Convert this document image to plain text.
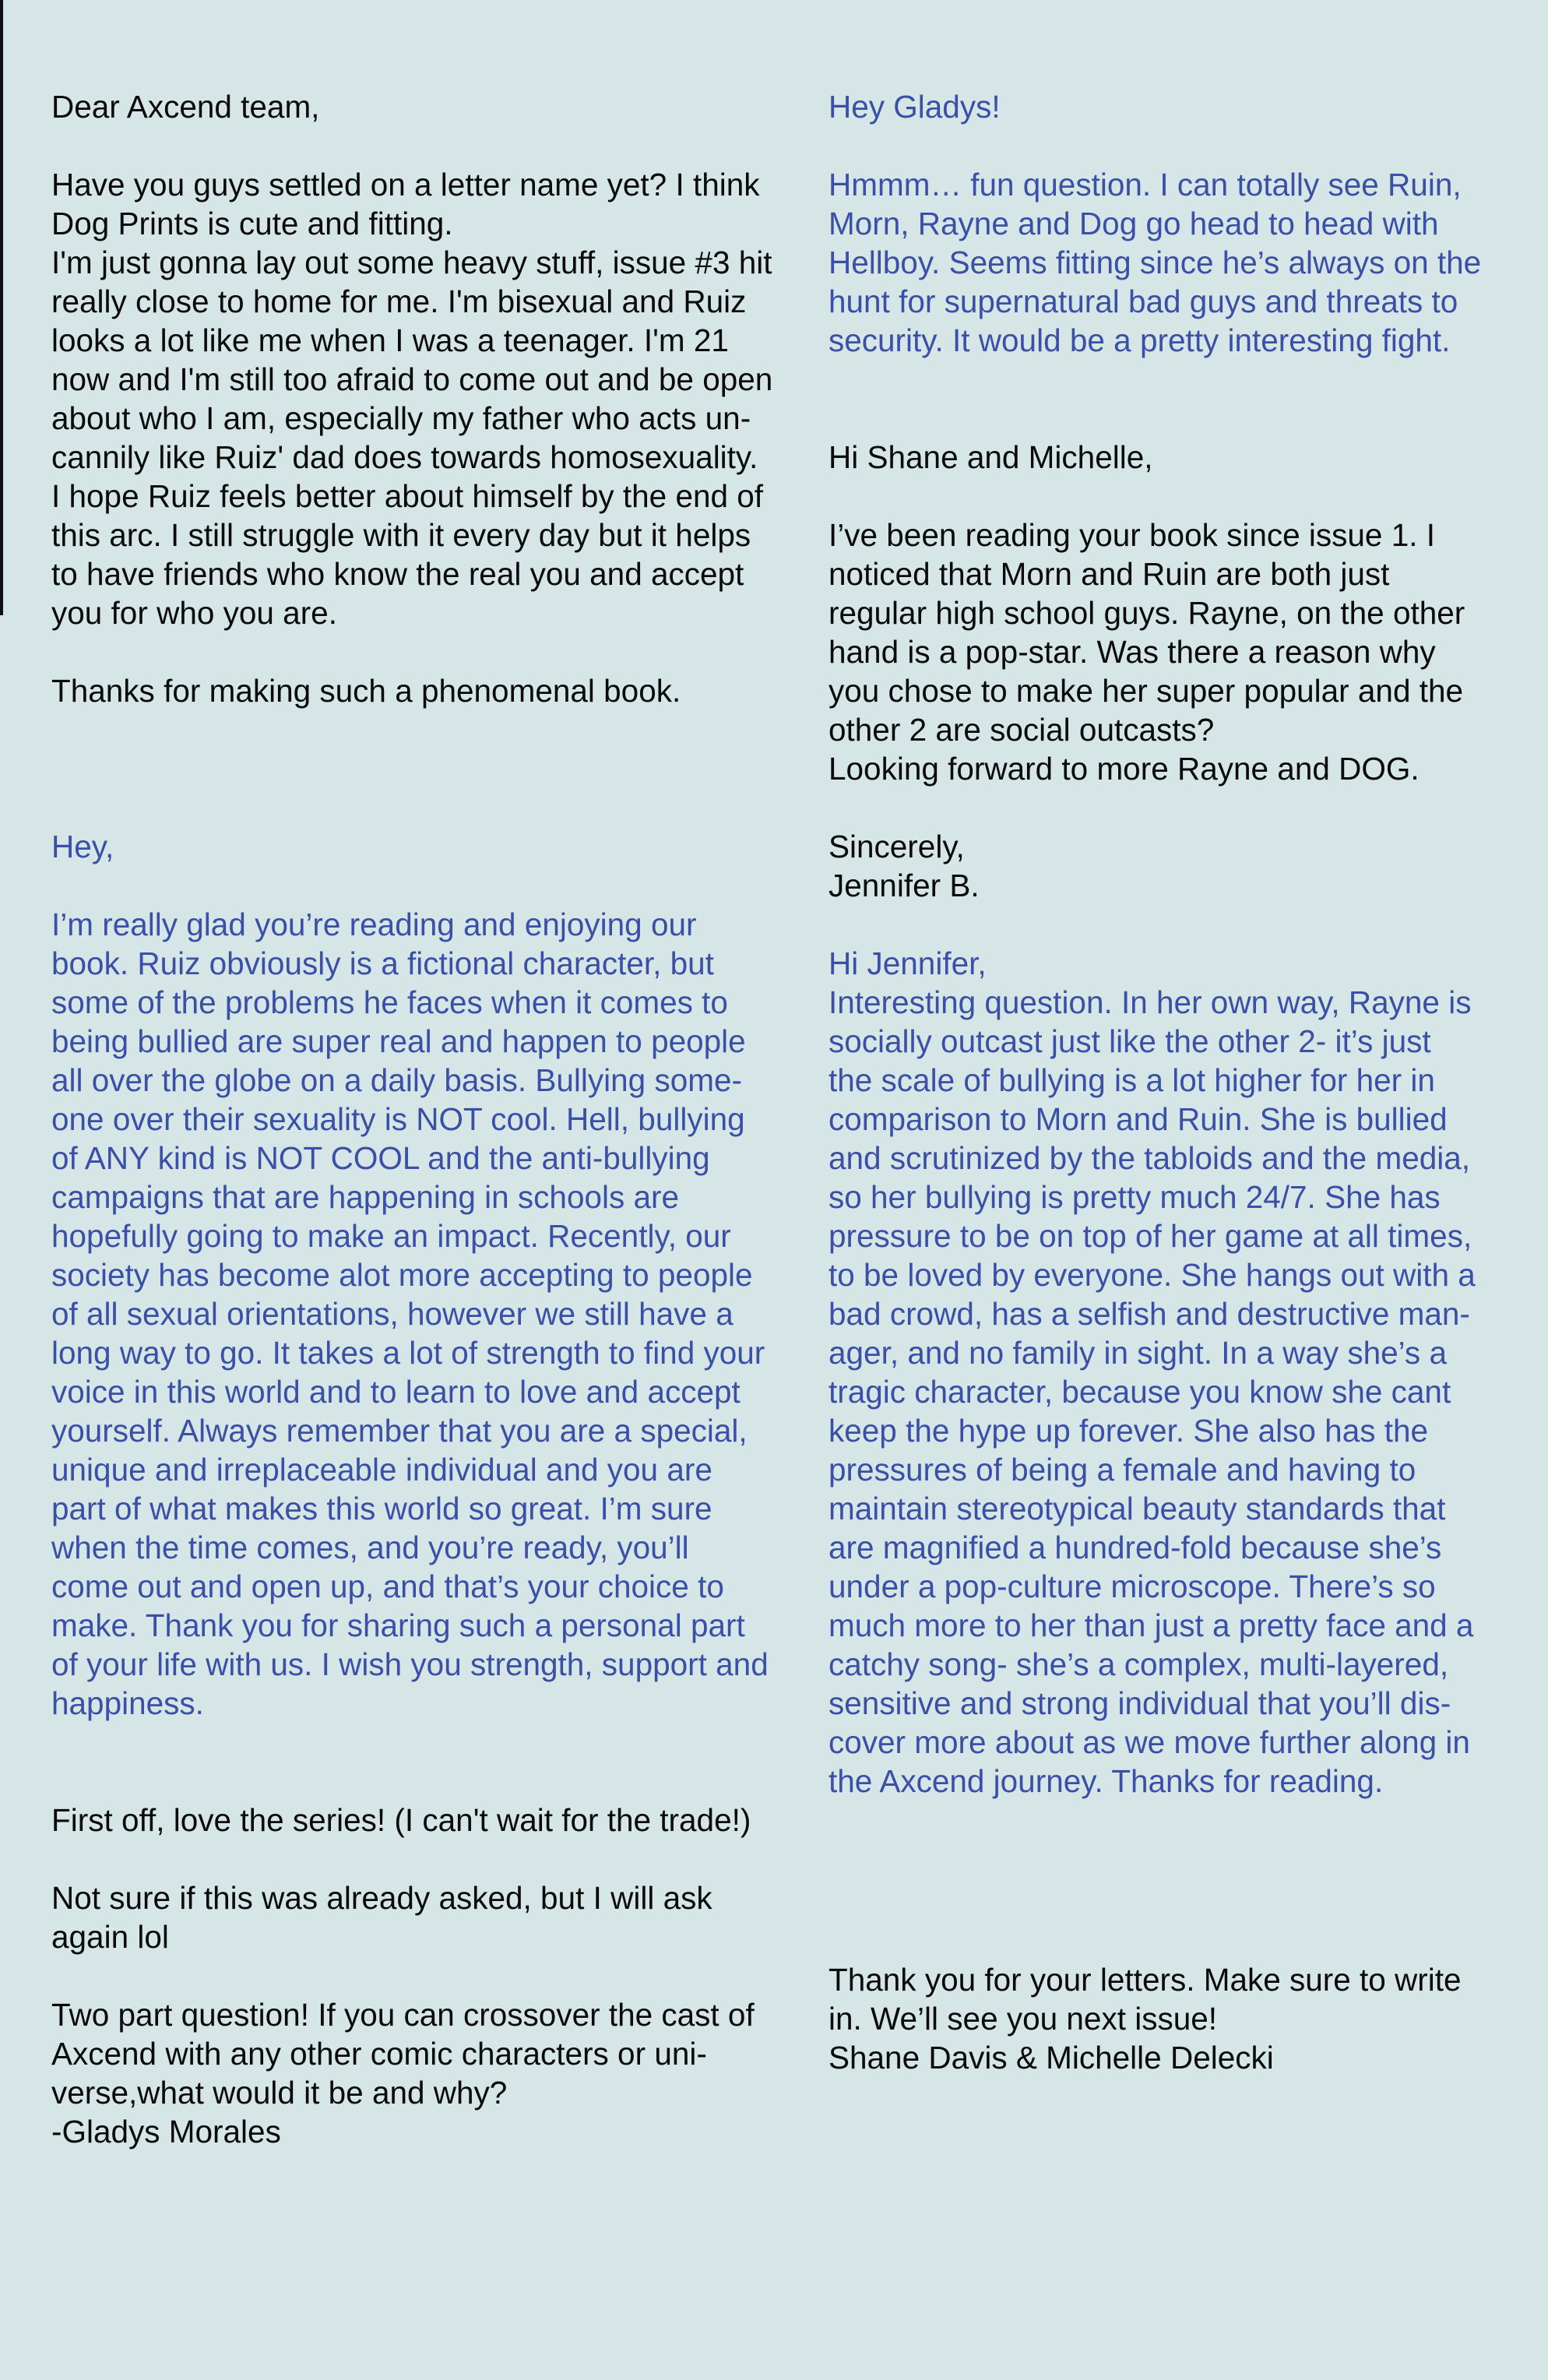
Dear Axcend team,

Have you guys settled on a letter name yet? I think
Dog Prints is cute and fitting.
I'm just gonna lay out some heavy stuff, issue #3 hit
really close to home for me. I'm bisexual and Ruiz
looks a lot like me when I was a teenager. I'm 21
now and I'm still too afraid to come out and be open
about who I am, especially my father who acts un-
cannily like Ruiz' dad does towards homosexuality.
I hope Ruiz feels better about himself by the end of
this arc. I still struggle with it every day but it helps
to have friends who know the real you and accept
you for who you are.

Thanks for making such a phenomenal book.

Hey,

I’m really glad you’re reading and enjoying our
book. Ruiz obviously is a fictional character, but
some of the problems he faces when it comes to
being bullied are super real and happen to people
all over the globe on a daily basis. Bullying some-
one over their sexuality is NOT cool. Hell, bullying
of ANY kind is NOT COOL and the anti-bullying
campaigns that are happening in schools are
hopefully going to make an impact. Recently, our
society has become alot more accepting to people
of all sexual orientations, however we still have a
long way to go. It takes a lot of strength to find your
voice in this world and to learn to love and accept
yourself. Always remember that you are a special,
unique and irreplaceable individual and you are
part of what makes this world so great. I’m sure
when the time comes, and you’re ready, you’ll
come out and open up, and that’s your choice to
make. Thank you for sharing such a personal part
of your life with us. I wish you strength, support and
happiness.

First off, love the series! (I can't wait for the trade!)

Not sure if this was already asked, but I will ask
again lol

Two part question! If you can crossover the cast of
Axcend with any other comic characters or uni-
verse,what would it be and why?

-Gladys Morales

Hey Gladys!

Hmmm… fun question. I can totally see Ruin,
Morn, Rayne and Dog go head to head with
Hellboy. Seems fitting since he’s always on the
hunt for supernatural bad guys and threats to
security. It would be a pretty interesting fight.

Hi Shane and Michelle,

I’ve been reading your book since issue 1. I
noticed that Morn and Ruin are both just
regular high school guys. Rayne, on the other
hand is a pop-star. Was there a reason why
you chose to make her super popular and the
other 2 are social outcasts?
Looking forward to more Rayne and DOG.

Sincerely,
Jennifer B.

Hi Jennifer,

Interesting question. In her own way, Rayne is
socially outcast just like the other 2- it’s just
the scale of bullying is a lot higher for her in
comparison to Morn and Ruin. She is bullied
and scrutinized by the tabloids and the media,
so her bullying is pretty much 24/7. She has
pressure to be on top of her game at all times,
to be loved by everyone. She hangs out with a
bad crowd, has a selfish and destructive man-
ager, and no family in sight. In a way she’s a
tragic character, because you know she cant
keep the hype up forever. She also has the
pressures of being a female and having to
maintain stereotypical beauty standards that
are magnified a hundred-fold because she’s
under a pop-culture microscope. There’s so
much more to her than just a pretty face and a
catchy song- she’s a complex, multi-layered,
sensitive and strong individual that you’ll dis-
cover more about as we move further along in
the Axcend journey. Thanks for reading.

Thank you for your letters. Make sure to write
in. We’ll see you next issue!
Shane Davis & Michelle Delecki
